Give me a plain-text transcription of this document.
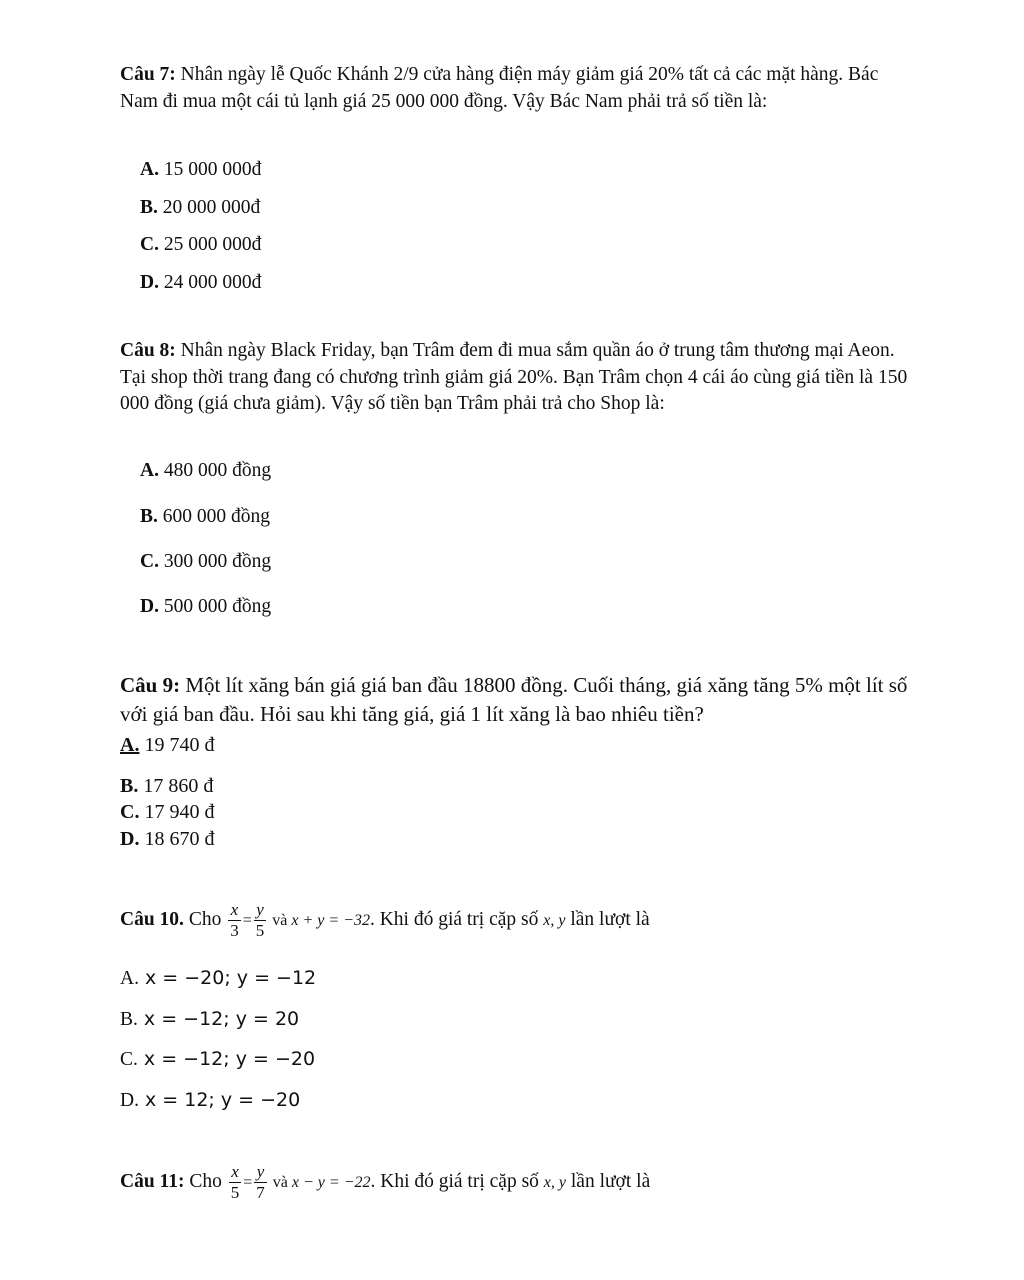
Câu 7: Nhân ngày lễ Quốc Khánh 2/9 cửa hàng điện máy giảm giá 20% tất cả các mặt hàng. Bác Nam đi mua một cái tủ lạnh giá 25 000 000 đồng. Vậy Bác Nam phải trả số tiền là:

A. 15 000 000đ
B. 20 000 000đ
C. 25 000 000đ
D. 24 000 000đ

Câu 8: Nhân ngày Black Friday, bạn Trâm đem đi mua sắm quần áo ở trung tâm thương mại Aeon. Tại shop thời trang đang có chương trình giảm giá 20%. Bạn Trâm chọn 4 cái áo cùng giá tiền là 150 000 đồng (giá chưa giảm). Vậy số tiền bạn Trâm phải trả cho Shop là:

A. 480 000 đồng
B. 600 000 đồng
C. 300 000 đồng
D. 500 000 đồng

Câu 9: Một lít xăng bán giá giá ban đầu 18800 đồng. Cuối tháng, giá xăng tăng 5% một lít số với giá ban đầu. Hỏi sau khi tăng giá, giá 1 lít xăng là bao nhiêu tiền?

A. 19 740 đ
B. 17 860 đ
C. 17 940 đ
D. 18 670 đ
Câu 10. Cho $\frac{x}{3} = \frac{y}{5}$ và x + y = −32. Khi đó giá trị cặp số x, y lần lượt là
A. x = −20; y = −12
B. x = −12; y = 20
C. x = −12; y = −20
D. x = 12; y = −20
Câu 11: Cho $\frac{x}{5} = \frac{y}{7}$ và x − y = −22. Khi đó giá trị cặp số x, y lần lượt là
